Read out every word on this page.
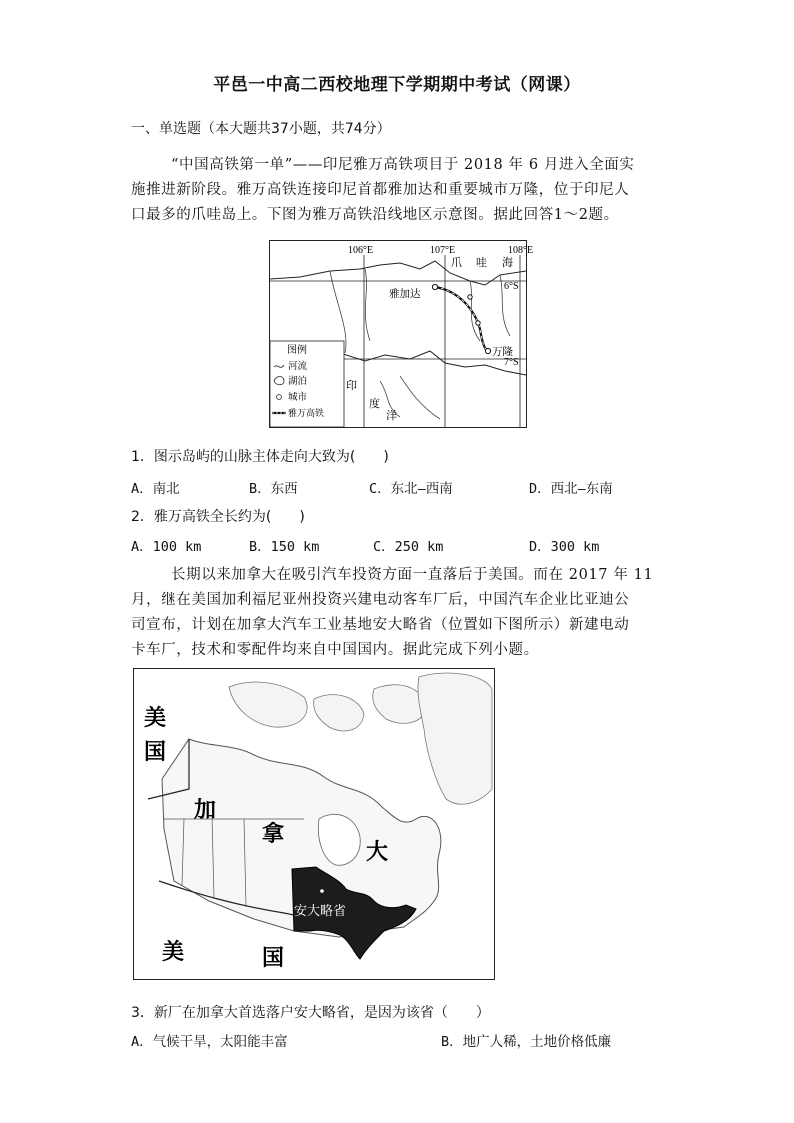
平邑一中高二西校地理下学期期中考试（网课）
一、单选题（本大题共37小题，共74分）
“中国高铁第一单”——印尼雅万高铁项目于 2018 年 6 月进入全面实
施推进新阶段。雅万高铁连接印尼首都雅加达和重要城市万隆，位于印尼人
口最多的爪哇岛上。下图为雅万高铁沿线地区示意图。据此回答1～2题。
106°E	107°E	108°E
6°S
7°S
爪 哇 海
雅加达
万隆
印
度
洋
图例
河流
湖泊
城市
雅万高铁
1．图示岛屿的山脉主体走向大致为(　　)
A．南北	B．东西	C．东北—西南	D．西北—东南
2．雅万高铁全长约为(　　)
A．100 km	B．150 km	C．250 km	D．300 km
长期以来加拿大在吸引汽车投资方面一直落后于美国。而在 2017 年 11
月，继在美国加利福尼亚州投资兴建电动客车厂后，中国汽车企业比亚迪公
司宣布，计划在加拿大汽车工业基地安大略省（位置如下图所示）新建电动
卡车厂，技术和零配件均来自中国国内。据此完成下列小题。
美
国
加
拿
大
安大略省
美	国
3．新厂在加拿大首选落户安大略省，是因为该省（　　）
A．气候干旱，太阳能丰富	B．地广人稀，土地价格低廉
